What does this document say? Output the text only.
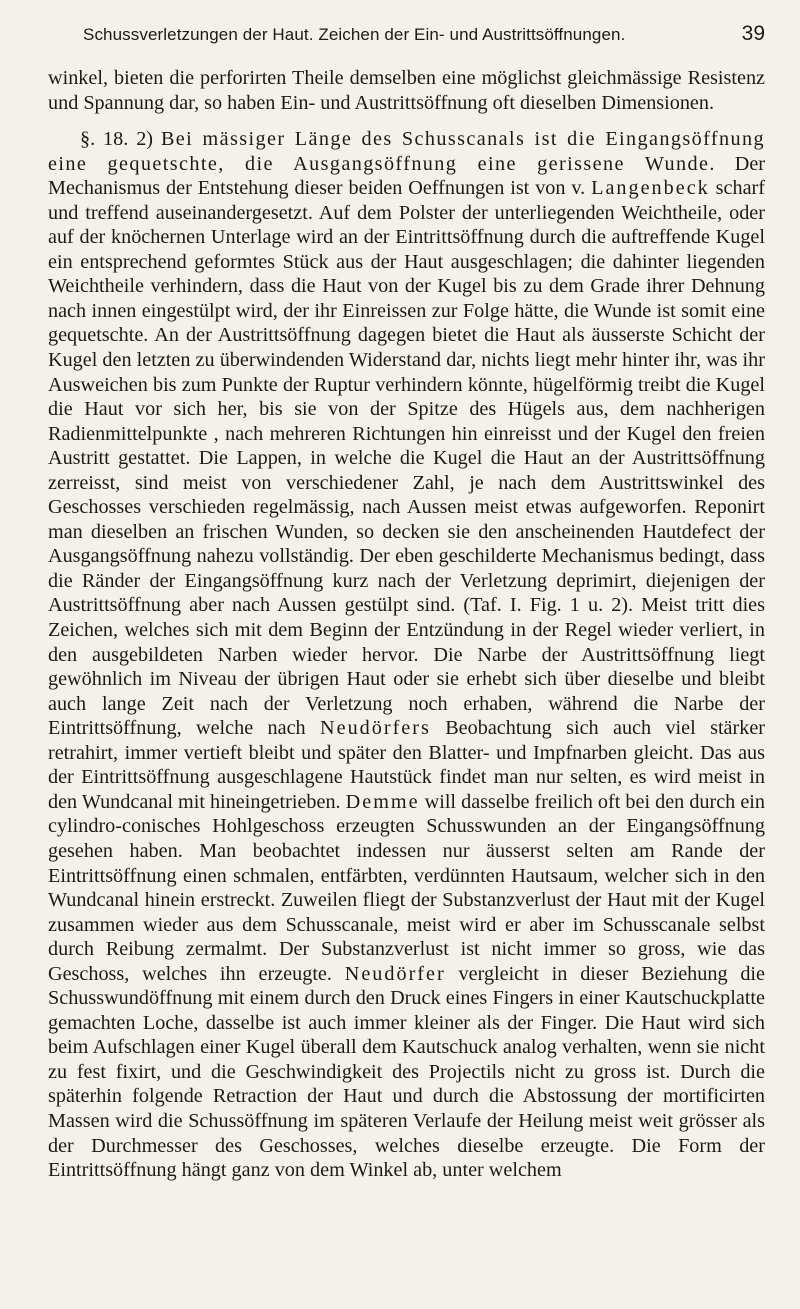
Schussverletzungen der Haut. Zeichen der Ein- und Austrittsöffnungen.	39

winkel, bieten die perforirten Theile demselben eine möglichst gleichmässige Resistenz und Spannung dar, so haben Ein- und Austrittsöffnung oft dieselben Dimensionen.

§. 18. 2) Bei mässiger Länge des Schusscanals ist die Eingangsöffnung eine gequetschte, die Ausgangsöffnung eine gerissene Wunde. Der Mechanismus der Entstehung dieser beiden Oeffnungen ist von v. Langenbeck scharf und treffend auseinandergesetzt. Auf dem Polster der unterliegenden Weichtheile, oder auf der knöchernen Unterlage wird an der Eintrittsöffnung durch die auftreffende Kugel ein entsprechend geformtes Stück aus der Haut ausgeschlagen; die dahinter liegenden Weichtheile verhindern, dass die Haut von der Kugel bis zu dem Grade ihrer Dehnung nach innen eingestülpt wird, der ihr Einreissen zur Folge hätte, die Wunde ist somit eine gequetschte. An der Austrittsöffnung dagegen bietet die Haut als äusserste Schicht der Kugel den letzten zu überwindenden Widerstand dar, nichts liegt mehr hinter ihr, was ihr Ausweichen bis zum Punkte der Ruptur verhindern könnte, hügelförmig treibt die Kugel die Haut vor sich her, bis sie von der Spitze des Hügels aus, dem nachherigen Radienmittelpunkte , nach mehreren Richtungen hin einreisst und der Kugel den freien Austritt gestattet. Die Lappen, in welche die Kugel die Haut an der Austrittsöffnung zerreisst, sind meist von verschiedener Zahl, je nach dem Austrittswinkel des Geschosses verschieden regelmässig, nach Aussen meist etwas aufgeworfen. Reponirt man dieselben an frischen Wunden, so decken sie den anscheinenden Hautdefect der Ausgangsöffnung nahezu vollständig. Der eben geschilderte Mechanismus bedingt, dass die Ränder der Eingangsöffnung kurz nach der Verletzung deprimirt, diejenigen der Austrittsöffnung aber nach Aussen gestülpt sind. (Taf. I. Fig. 1 u. 2). Meist tritt dies Zeichen, welches sich mit dem Beginn der Entzündung in der Regel wieder verliert, in den ausgebildeten Narben wieder hervor. Die Narbe der Austrittsöffnung liegt gewöhnlich im Niveau der übrigen Haut oder sie erhebt sich über dieselbe und bleibt auch lange Zeit nach der Verletzung noch erhaben, während die Narbe der Eintrittsöffnung, welche nach Neudörfers Beobachtung sich auch viel stärker retrahirt, immer vertieft bleibt und später den Blatter- und Impfnarben gleicht. Das aus der Eintrittsöffnung ausgeschlagene Hautstück findet man nur selten, es wird meist in den Wundcanal mit hineingetrieben. Demme will dasselbe freilich oft bei den durch ein cylindro-conisches Hohlgeschoss erzeugten Schusswunden an der Eingangsöffnung gesehen haben. Man beobachtet indessen nur äusserst selten am Rande der Eintrittsöffnung einen schmalen, entfärbten, verdünnten Hautsaum, welcher sich in den Wundcanal hinein erstreckt. Zuweilen fliegt der Substanzverlust der Haut mit der Kugel zusammen wieder aus dem Schusscanale, meist wird er aber im Schusscanale selbst durch Reibung zermalmt. Der Substanzverlust ist nicht immer so gross, wie das Geschoss, welches ihn erzeugte. Neudörfer vergleicht in dieser Beziehung die Schusswundöffnung mit einem durch den Druck eines Fingers in einer Kautschuckplatte gemachten Loche, dasselbe ist auch immer kleiner als der Finger. Die Haut wird sich beim Aufschlagen einer Kugel überall dem Kautschuck analog verhalten, wenn sie nicht zu fest fixirt, und die Geschwindigkeit des Projectils nicht zu gross ist. Durch die späterhin folgende Retraction der Haut und durch die Abstossung der mortificirten Massen wird die Schussöffnung im späteren Verlaufe der Heilung meist weit grösser als der Durchmesser des Geschosses, welches dieselbe erzeugte. Die Form der Eintrittsöffnung hängt ganz von dem Winkel ab, unter welchem
